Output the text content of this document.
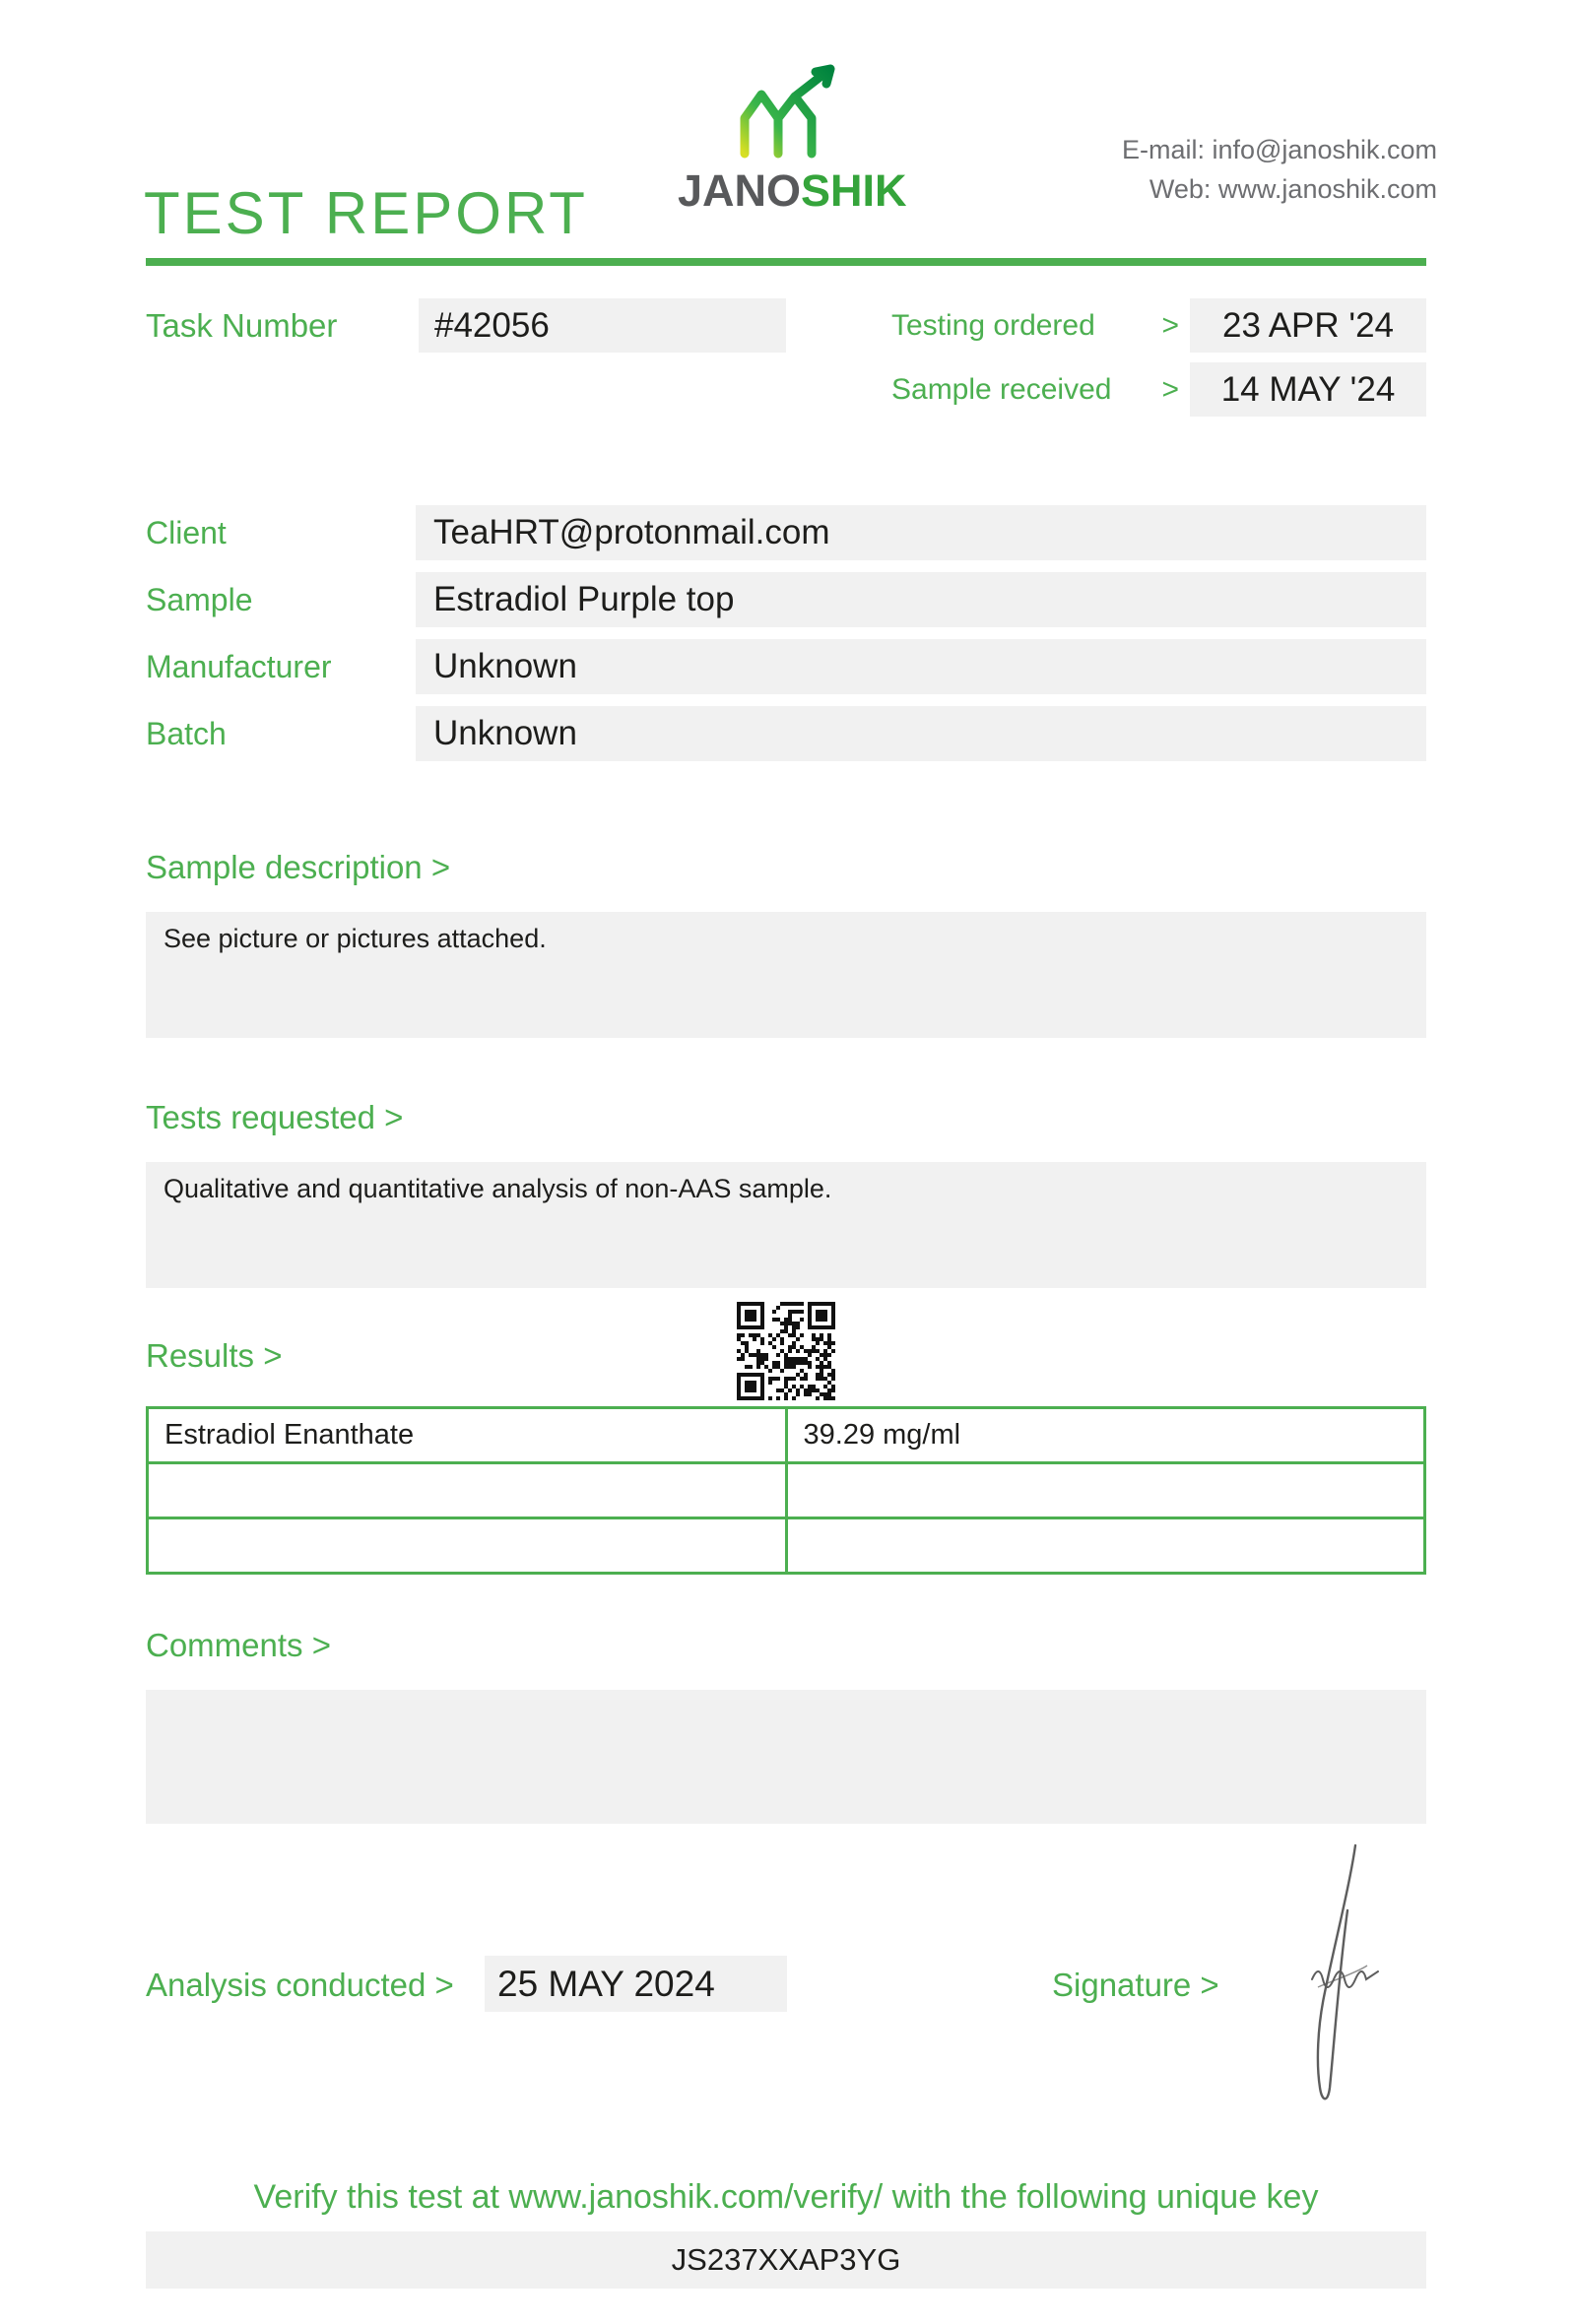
TEST REPORT JANOSHIK
E-mail: info@janoshik.com
Web: www.janoshik.com
Task Number	#42056	Testing ordered >	23 APR '24
Sample received >	14 MAY '24
Client	TeaHRT@protonmail.com
Sample	Estradiol Purple top
Manufacturer	Unknown
Batch	Unknown
Sample description >
See picture or pictures attached.
Tests requested >
Qualitative and quantitative analysis of non-AAS sample.
Results >
Estradiol Enanthate	39.29 mg/ml

Comments >
Analysis conducted >	25 MAY 2024	Signature >
Verify this test at www.janoshik.com/verify/ with the following unique key
JS237XXAP3YG
